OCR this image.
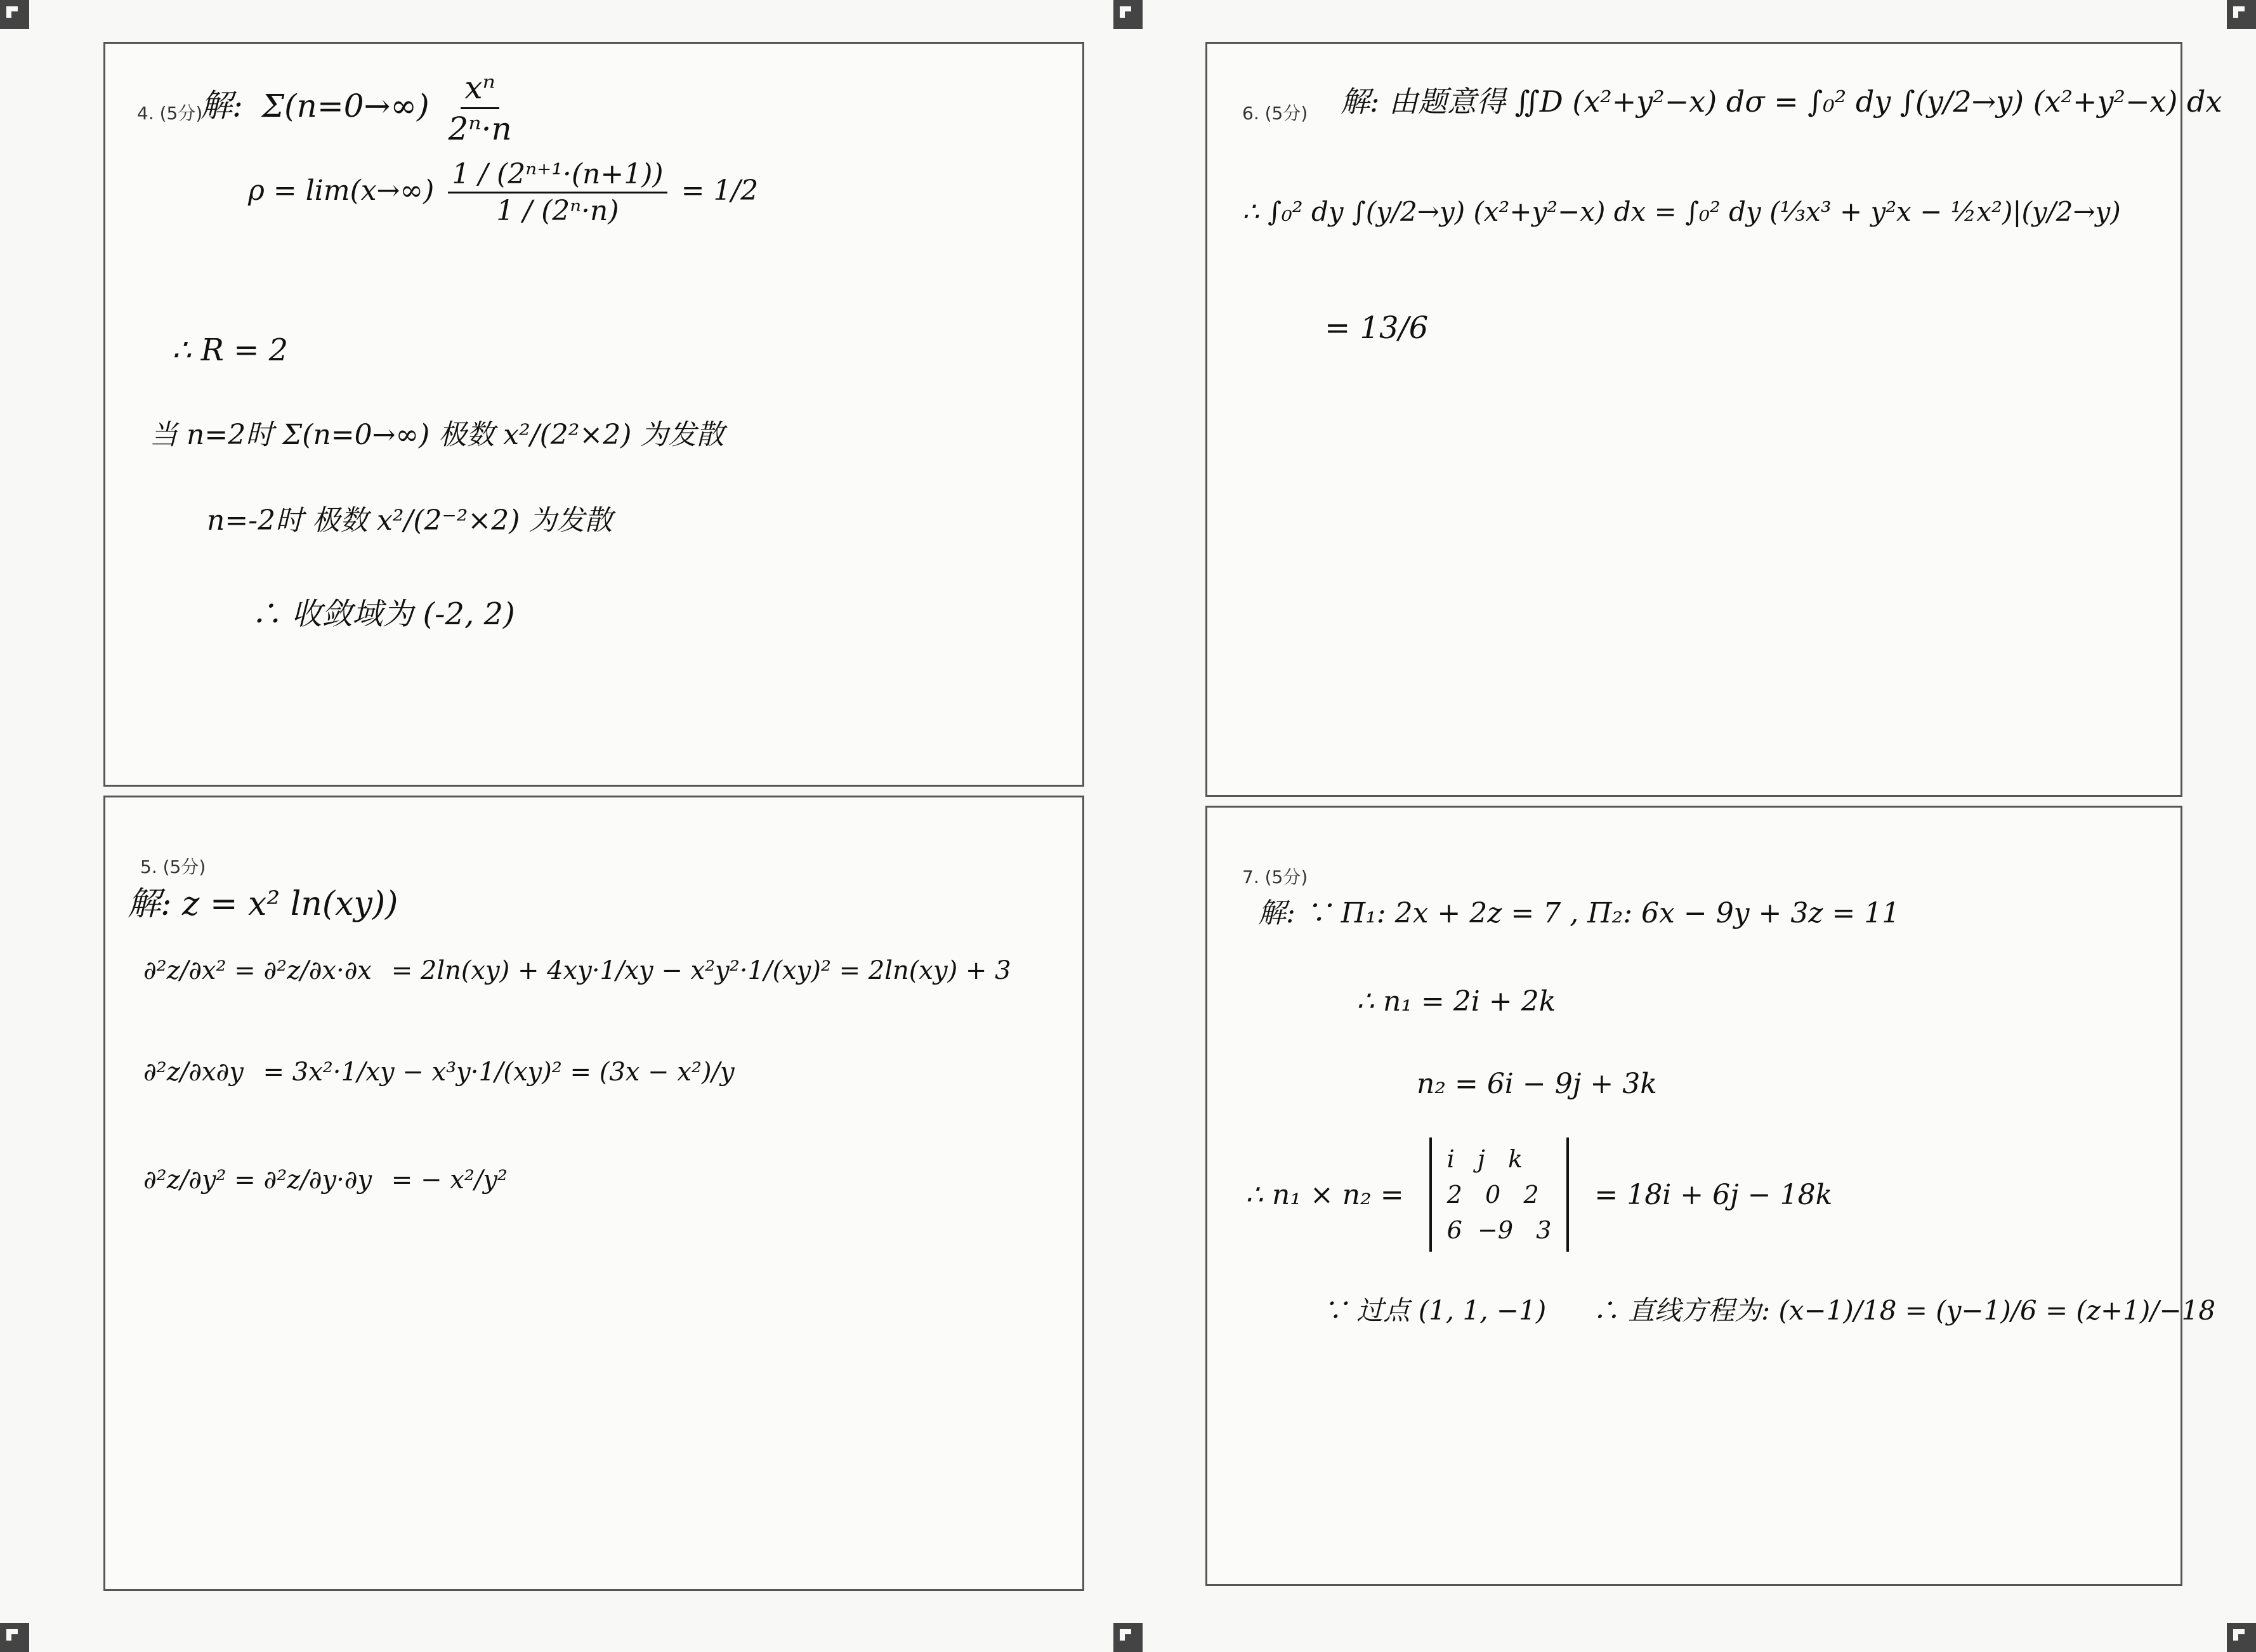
4. (5分)
解: $\Sigma(n=0\to\infty) \frac{\text{xⁿ}}{\text{2ⁿ·n}}$
$\rho = \lim(x\to\infty) \frac{\text{1 / (2ⁿ⁺¹·(n+1))}}{\text{1 / (2ⁿ·n)}} = 1/2$
∴ R = 2
当 n=2时 Σ(n=0→∞) 极数 x²/(2²×2) 为发散
n=-2时 极数 x²/(2⁻²×2) 为发散
∴ 收敛域为 (-2, 2)
5. (5分)
解: z = x² ln(xy))
∂²z/∂x² = ∂²z/∂x·∂x = 2ln(xy) + 4xy·1/xy − x²y²·1/(xy)² = 2ln(xy) + 3
∂²z/∂x∂y = 3x²·1/xy − x³y·1/(xy)² = (3x − x²)/y
∂²z/∂y² = ∂²z/∂y·∂y = − x²/y²
6. (5分) 解: 由题意得 ∬D (x²+y²−x) dσ = ∫₀² dy ∫(y/2→y) (x²+y²−x) dx
∴ ∫₀² dy ∫(y/2→y) (x²+y²−x) dx = ∫₀² dy (⅓x³ + y²x − ½x²)|(y/2→y)
= 13/6
7. (5分)
解: ∵ Π₁: 2x + 2z = 7 , Π₂: 6x − 9y + 3z = 11
∴ n₁ = 2i + 2k
n₂ = 6i − 9j + 3k
∴ n₁ × n₂ =
i   j   k
2   0   2
6  −9   3
= 18i + 6j − 18k
∵ 过点 (1, 1, −1) ∴ 直线方程为: (x−1)/18 = (y−1)/6 = (z+1)/−18
